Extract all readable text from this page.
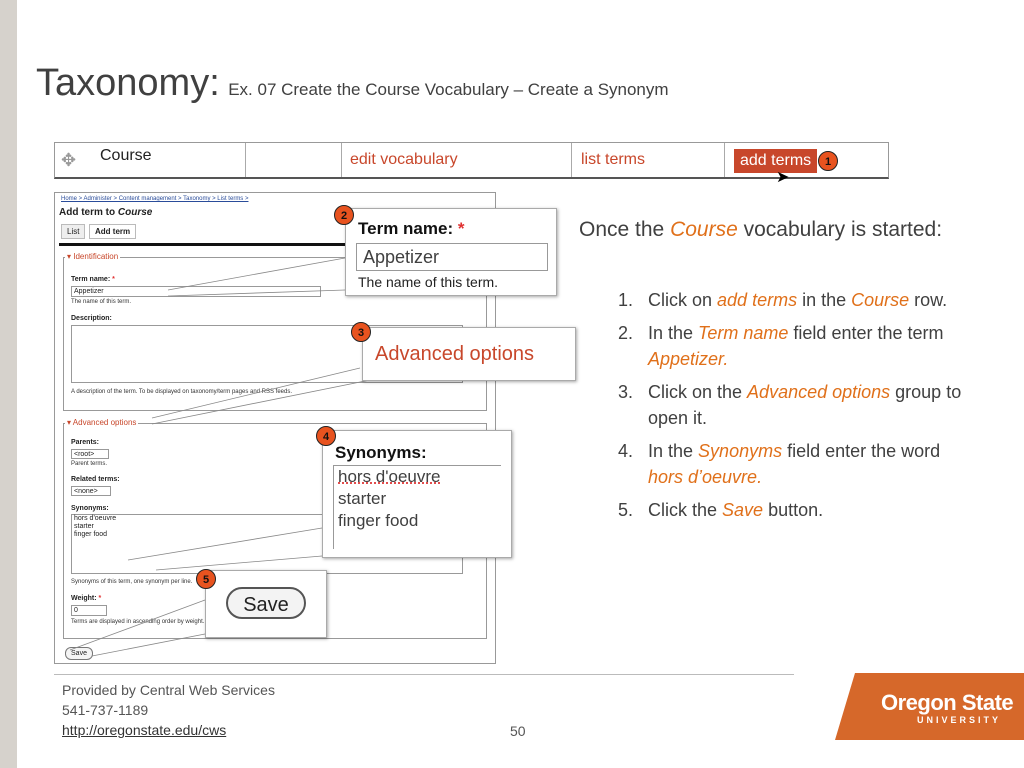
Taxonomy: Ex. 07 Create the Course Vocabulary – Create a Synonym
✥ Course	edit vocabulary	list terms	add terms
➤
1
Home > Administer > Content management > Taxonomy > List terms >
Add term to Course
List	Add term
▾ Identification
Term name: *
Appetizer
The name of this term.
Description:
A description of the term. To be displayed on taxonomy/term pages and RSS feeds.
▾ Advanced options
Parents:
<root>
Parent terms.
Related terms:
<none>
Synonyms:
hors d'oeuvre
starter
finger food
Synonyms of this term, one synonym per line.
Weight: *
0
Terms are displayed in ascending order by weight.
Save
Term name: *
Appetizer
The name of this term.
2
Advanced options
3
Synonyms:
hors d'oeuvre
starter
finger food
4
Save
5
Once the Course vocabulary is started:
1. Click on add terms in the Course row.
2. In the Term name field enter the term Appetizer.
3. Click on the Advanced options group to open it.
4. In the Synonyms field enter the word hors d’oeuvre.
5. Click the Save button.
Provided by Central Web Services
541-737-1189
http://oregonstate.edu/cws	50
Oregon State
UNIVERSITY
